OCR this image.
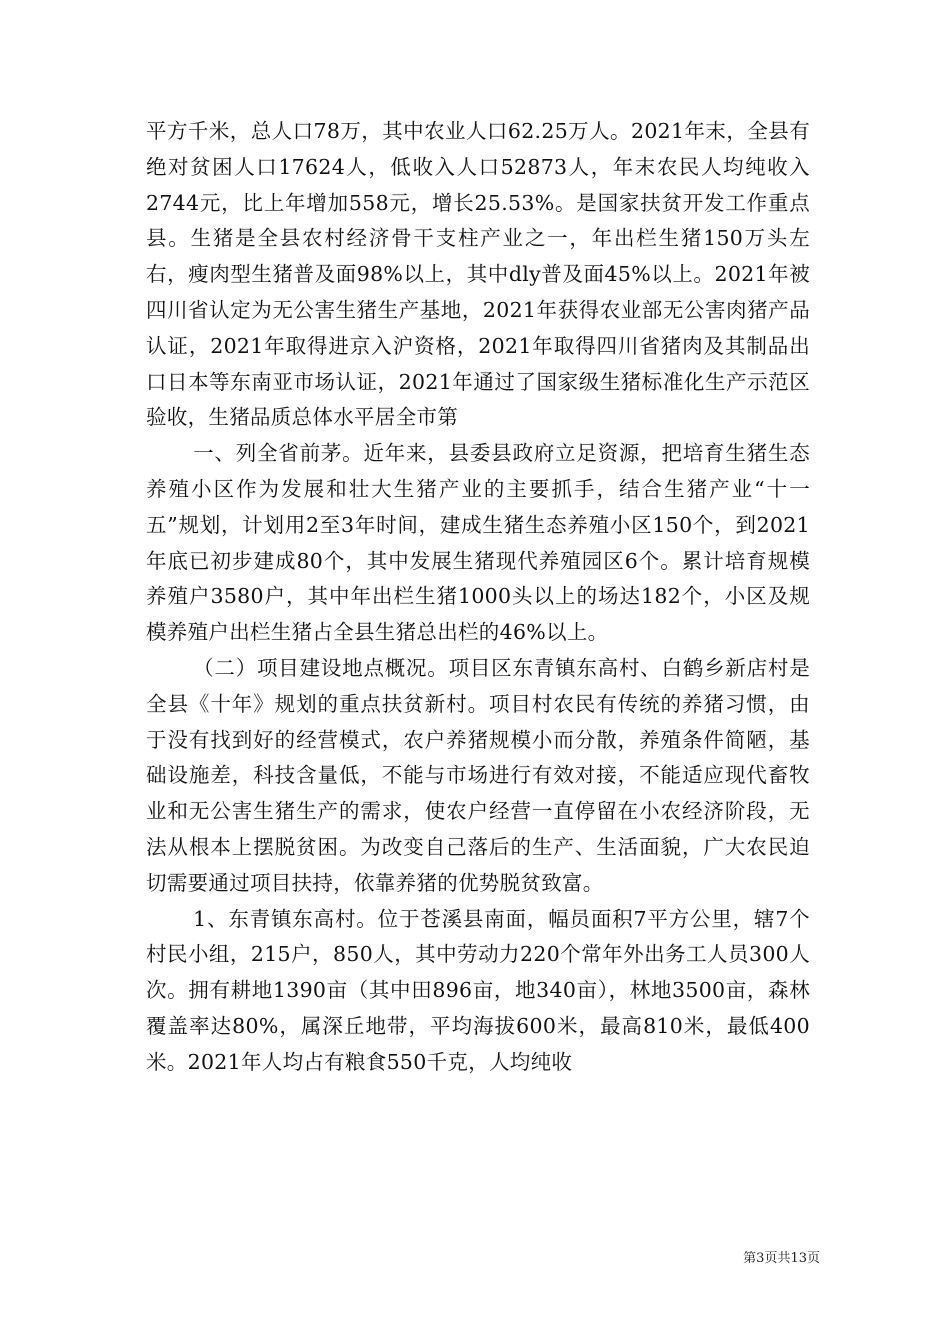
平方千米，总人口78万，其中农业人口62.25万人。2021年末，全县有绝对贫困人口17624人，低收入人口52873人，年末农民人均纯收入2744元，比上年增加558元，增长25.53%。是国家扶贫开发工作重点县。生猪是全县农村经济骨干支柱产业之一，年出栏生猪150万头左右，瘦肉型生猪普及面98%以上，其中dly普及面45%以上。2021年被四川省认定为无公害生猪生产基地，2021年获得农业部无公害肉猪产品认证，2021年取得进京入沪资格，2021年取得四川省猪肉及其制品出口日本等东南亚市场认证，2021年通过了国家级生猪标准化生产示范区验收，生猪品质总体水平居全市第

一、列全省前茅。近年来，县委县政府立足资源，把培育生猪生态养殖小区作为发展和壮大生猪产业的主要抓手，结合生猪产业“十一五”规划，计划用2至3年时间，建成生猪生态养殖小区150个，到2021年底已初步建成80个，其中发展生猪现代养殖园区6个。累计培育规模养殖户3580户，其中年出栏生猪1000头以上的场达182个，小区及规模养殖户出栏生猪占全县生猪总出栏的46%以上。

（二）项目建设地点概况。项目区东青镇东高村、白鹤乡新店村是全县《十年》规划的重点扶贫新村。项目村农民有传统的养猪习惯，由于没有找到好的经营模式，农户养猪规模小而分散，养殖条件简陋，基础设施差，科技含量低，不能与市场进行有效对接，不能适应现代畜牧业和无公害生猪生产的需求，使农户经营一直停留在小农经济阶段，无法从根本上摆脱贫困。为改变自己落后的生产、生活面貌，广大农民迫切需要通过项目扶持，依靠养猪的优势脱贫致富。

1、东青镇东高村。位于苍溪县南面，幅员面积7平方公里，辖7个村民小组，215户，850人，其中劳动力220个常年外出务工人员300人次。拥有耕地1390亩（其中田896亩，地340亩），林地3500亩，森林覆盖率达80%，属深丘地带，平均海拔600米，最高810米，最低400米。2021年人均占有粮食550千克，人均纯收

第3页共13页
